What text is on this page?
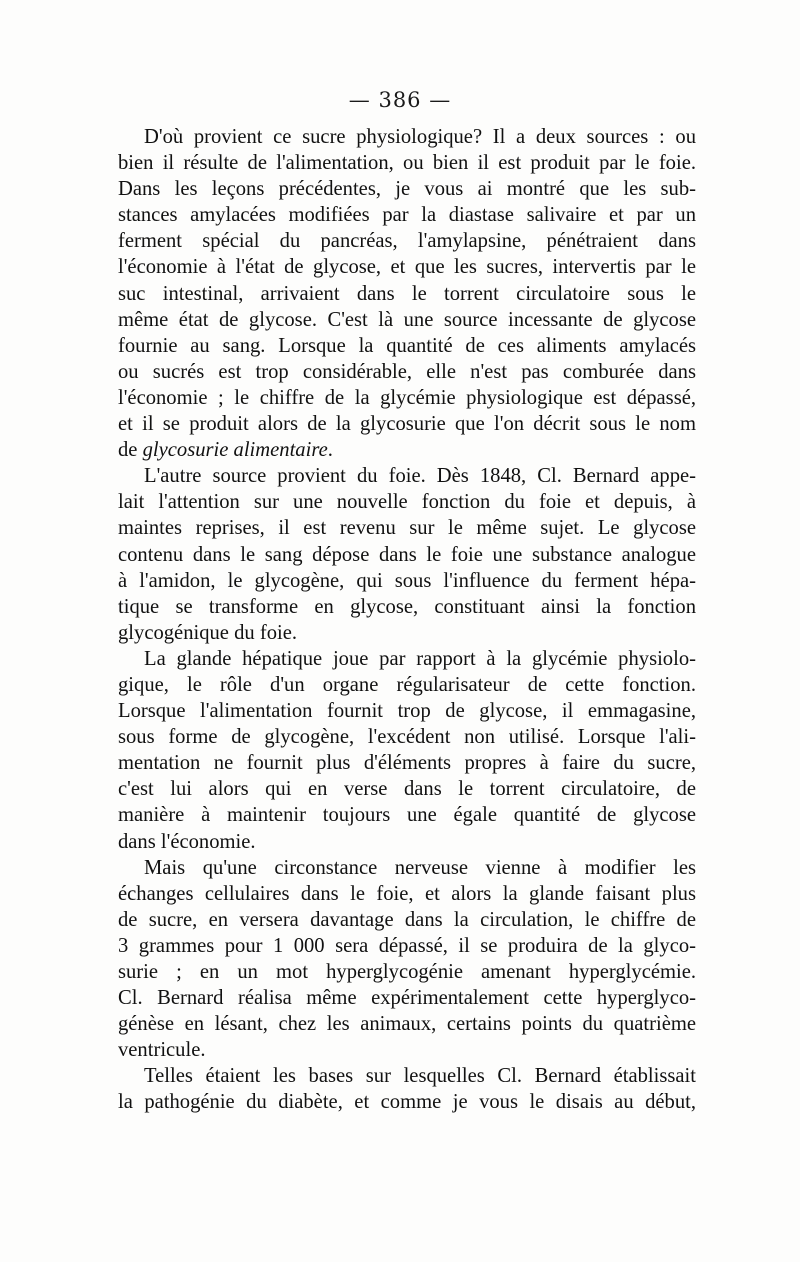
— 386 —
D'où provient ce sucre physiologique? Il a deux sources : ou
bien il résulte de l'alimentation, ou bien il est produit par le foie.
Dans les leçons précédentes, je vous ai montré que les sub-
stances amylacées modifiées par la diastase salivaire et par un
ferment spécial du pancréas, l'amylapsine, pénétraient dans
l'économie à l'état de glycose, et que les sucres, intervertis par le
suc intestinal, arrivaient dans le torrent circulatoire sous le
même état de glycose. C'est là une source incessante de glycose
fournie au sang. Lorsque la quantité de ces aliments amylacés
ou sucrés est trop considérable, elle n'est pas comburée dans
l'économie ; le chiffre de la glycémie physiologique est dépassé,
et il se produit alors de la glycosurie que l'on décrit sous le nom
de glycosurie alimentaire.
L'autre source provient du foie. Dès 1848, Cl. Bernard appe-
lait l'attention sur une nouvelle fonction du foie et depuis, à
maintes reprises, il est revenu sur le même sujet. Le glycose
contenu dans le sang dépose dans le foie une substance analogue
à l'amidon, le glycogène, qui sous l'influence du ferment hépa-
tique se transforme en glycose, constituant ainsi la fonction
glycogénique du foie.
La glande hépatique joue par rapport à la glycémie physiolo-
gique, le rôle d'un organe régularisateur de cette fonction.
Lorsque l'alimentation fournit trop de glycose, il emmagasine,
sous forme de glycogène, l'excédent non utilisé. Lorsque l'ali-
mentation ne fournit plus d'éléments propres à faire du sucre,
c'est lui alors qui en verse dans le torrent circulatoire, de
manière à maintenir toujours une égale quantité de glycose
dans l'économie.
Mais qu'une circonstance nerveuse vienne à modifier les
échanges cellulaires dans le foie, et alors la glande faisant plus
de sucre, en versera davantage dans la circulation, le chiffre de
3 grammes pour 1 000 sera dépassé, il se produira de la glyco-
surie ; en un mot hyperglycogénie amenant hyperglycémie.
Cl. Bernard réalisa même expérimentalement cette hyperglyco-
génèse en lésant, chez les animaux, certains points du quatrième
ventricule.
Telles étaient les bases sur lesquelles Cl. Bernard établissait
la pathogénie du diabète, et comme je vous le disais au début,
